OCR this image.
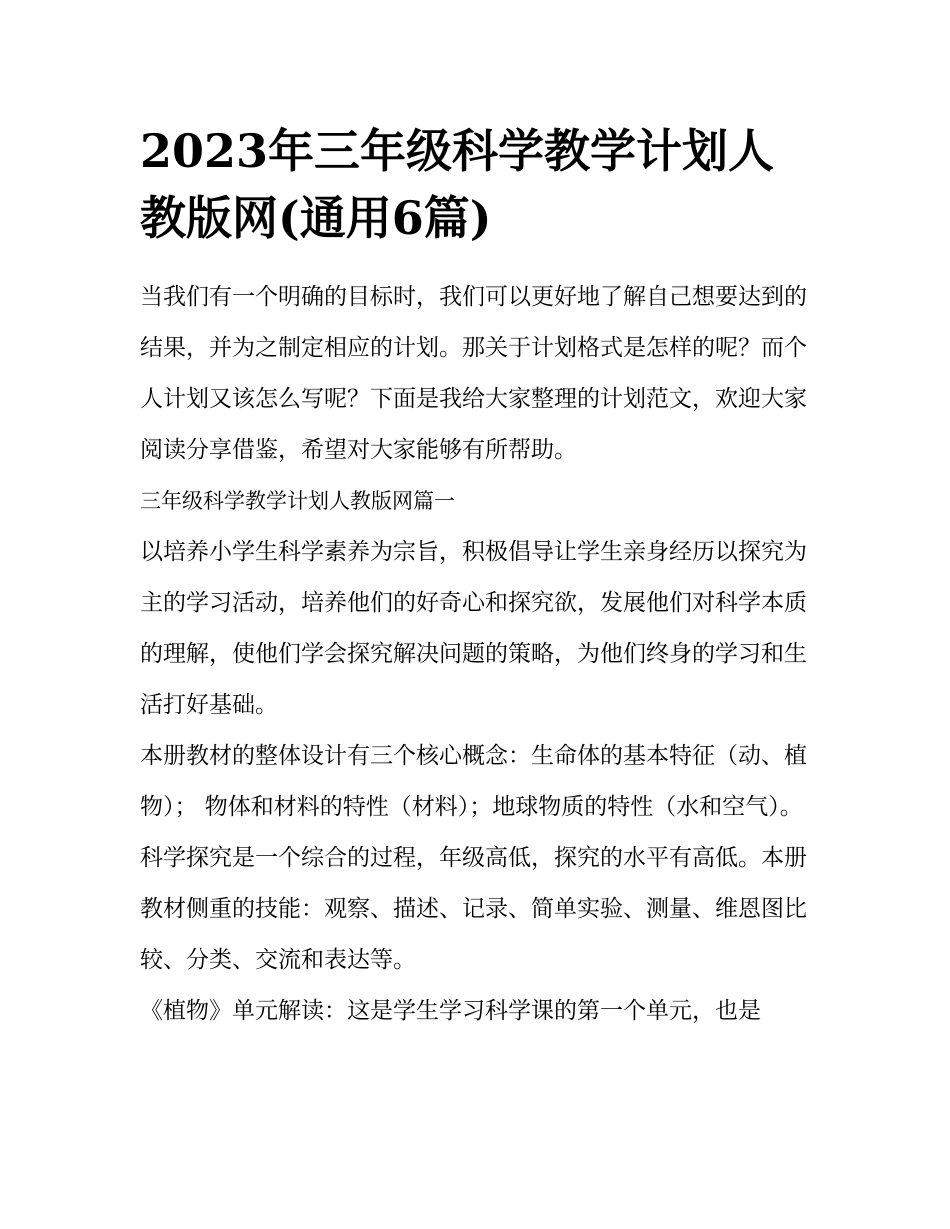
2023年三年级科学教学计划人教版网(通用6篇)

当我们有一个明确的目标时，我们可以更好地了解自己想要达到的结果，并为之制定相应的计划。那关于计划格式是怎样的呢？而个人计划又该怎么写呢？下面是我给大家整理的计划范文，欢迎大家阅读分享借鉴，希望对大家能够有所帮助。

三年级科学教学计划人教版网篇一

以培养小学生科学素养为宗旨，积极倡导让学生亲身经历以探究为主的学习活动，培养他们的好奇心和探究欲，发展他们对科学本质的理解，使他们学会探究解决问题的策略，为他们终身的学习和生活打好基础。

本册教材的整体设计有三个核心概念：生命体的基本特征（动、植物）； 物体和材料的特性（材料）；地球物质的特性（水和空气）。

科学探究是一个综合的过程，年级高低，探究的水平有高低。本册教材侧重的技能：观察、描述、记录、简单实验、测量、维恩图比较、分类、交流和表达等。

《植物》单元解读：这是学生学习科学课的第一个单元，也是
